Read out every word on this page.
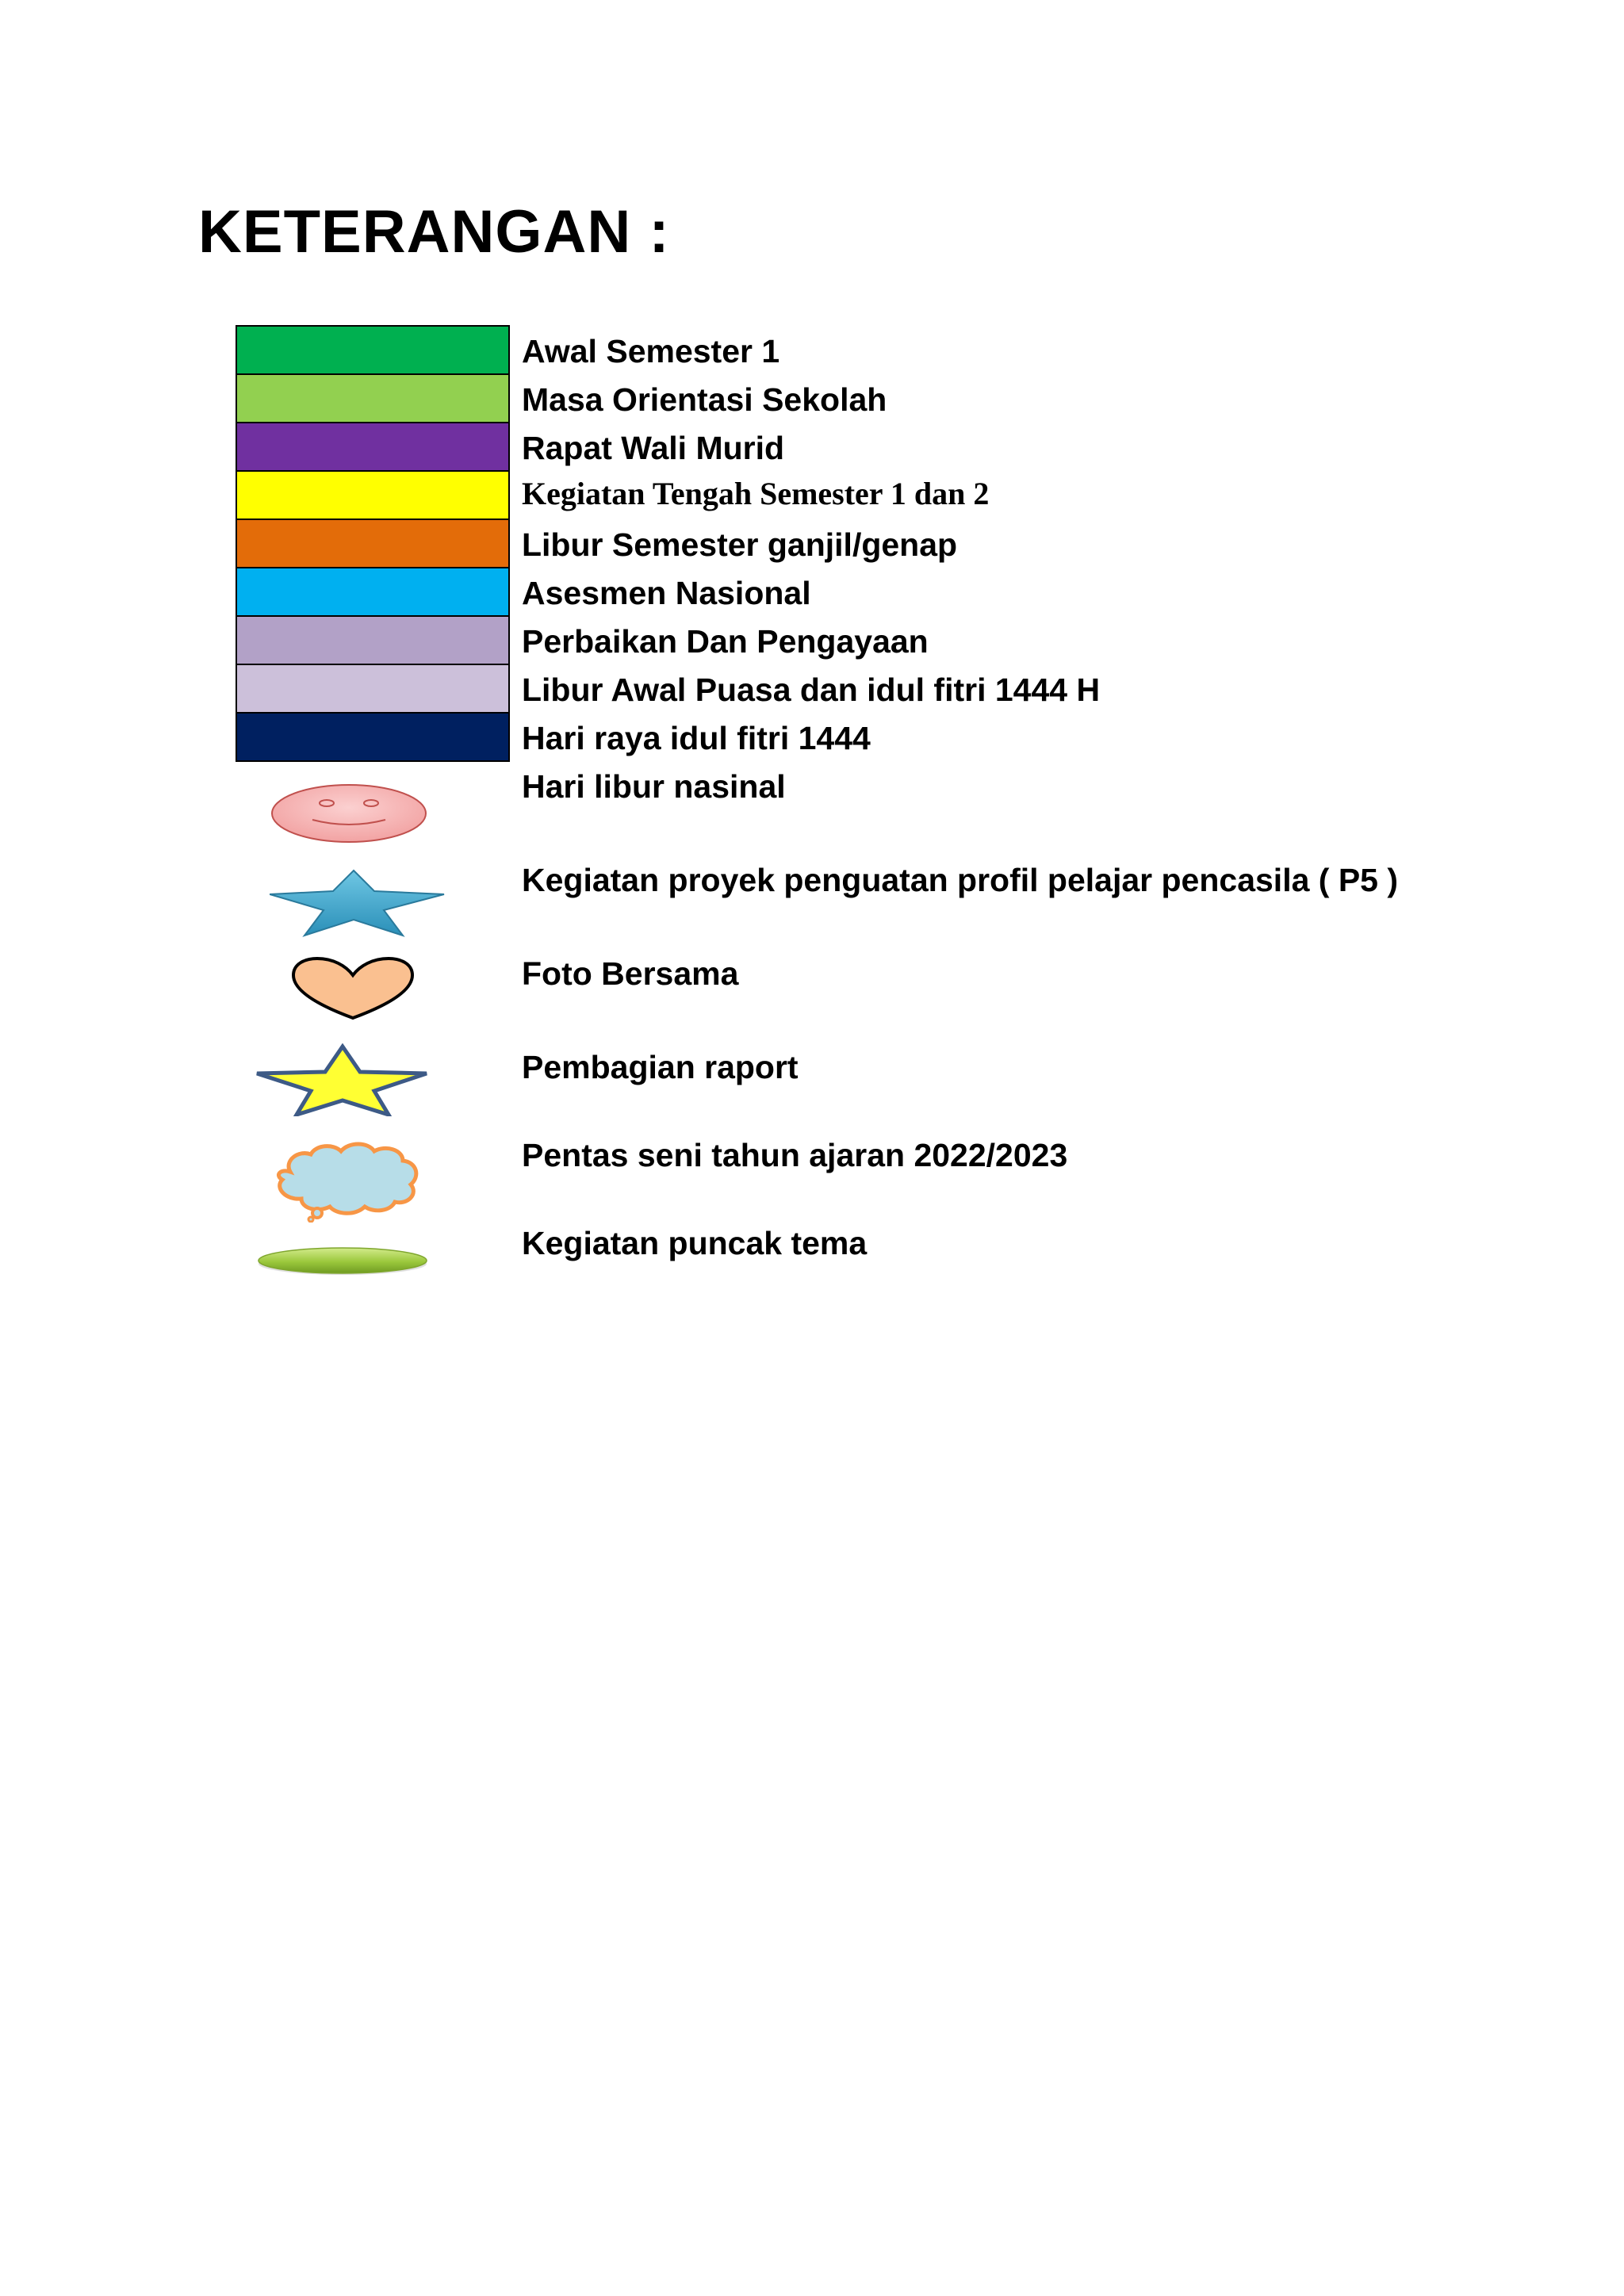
KETERANGAN :
Awal Semester 1
Masa Orientasi Sekolah
Rapat Wali Murid
Kegiatan Tengah Semester 1 dan 2
Libur Semester ganjil/genap
Asesmen Nasional
Perbaikan Dan Pengayaan
Libur Awal Puasa dan idul fitri 1444 H
Hari raya idul fitri 1444
Hari libur nasinal
Kegiatan proyek penguatan profil pelajar pencasila ( P5 )
Foto Bersama
Pembagian raport
Pentas seni tahun ajaran 2022/2023
Kegiatan puncak tema
